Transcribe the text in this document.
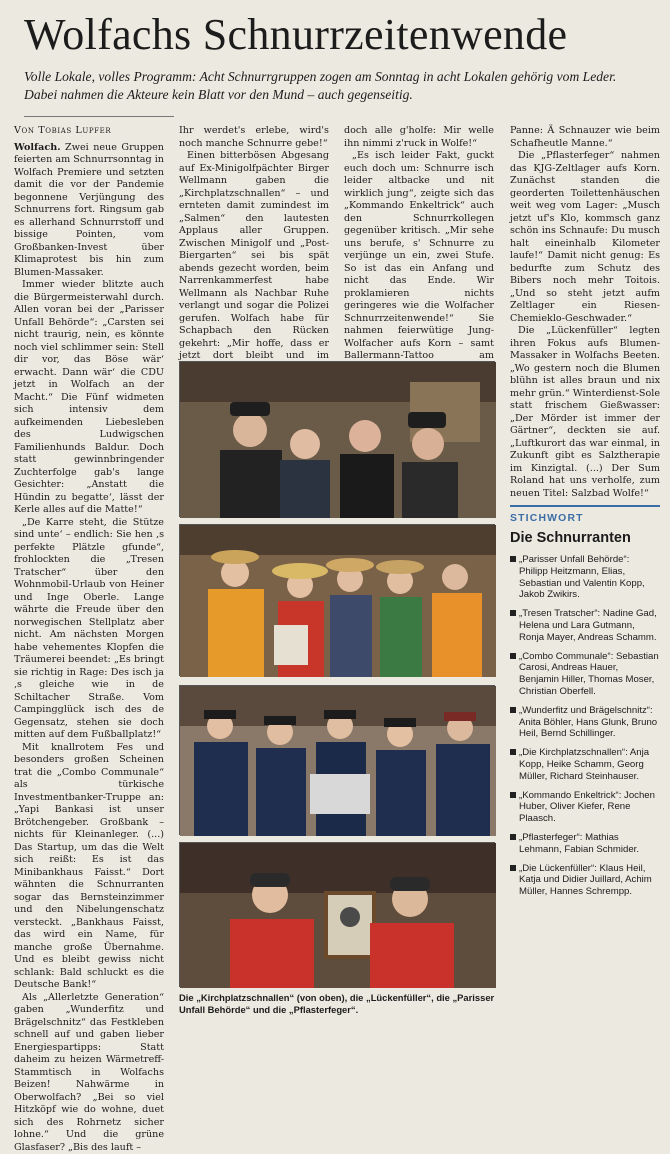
Wolfachs Schnurrzeitenwende

Volle Lokale, volles Programm: Acht Schnurrgruppen zogen am Sonntag in acht Lokalen gehörig vom Leder. Dabei nahmen die Akteure kein Blatt vor den Mund – auch gegenseitig.

Von Tobias Lupfer

Wolfach. Zwei neue Gruppen feierten am Schnurrsonntag in Wolfach Premiere und setzten damit die vor der Pandemie begonnene Verjüngung des Schnurrens fort. Ringsum gab es allerhand Schnurrstoff und bissige Pointen, vom Großbanken-Invest über Klimaprotest bis hin zum Blumen-Massaker.

Immer wieder blitzte auch die Bürgermeisterwahl durch. Allen voran bei der „Parisser Unfall Behörde“: „Carsten sei nicht traurig, nein, es könnte noch viel schlimmer sein: Stell dir vor, das Böse wär‘ erwacht. Dann wär‘ die CDU jetzt in Wolfach an der Macht.“ Die Fünf widmeten sich intensiv dem aufkeimenden Liebesleben des Ludwigschen Familienhunds Baldur. Doch statt gewinnbringender Zuchterfolge gab's lange Gesichter: „Anstatt die Hündin zu begatte‘, lässt der Kerle alles auf die Matte!“

„De Karre steht, die Stütze sind unte‘ – endlich: Sie hen ‚s perfekte Plätzle gfunde“, frohlockten die „Tresen Tratscher“ über den Wohnmobil-Urlaub von Heiner und Inge Oberle. Lange währte die Freude über den norwegischen Stellplatz aber nicht. Am nächsten Morgen habe vehementes Klopfen die Träumerei beendet: „Es bringt sie richtig in Rage: Des isch ja ‚s gleiche wie in de Schiltacher Straße. Vom Campingglück isch des de Gegensatz, stehen sie doch mitten auf dem Fußballplatz!“

Mit knallrotem Fes und besonders großen Scheinen trat die „Combo Communale“ als türkische Investmentbanker-Truppe an: „Yapi Bankasi ist unser Brötchengeber. Großbank – nichts für Kleinanleger. (...) Das Startup, um das die Welt sich reißt: Es ist das Minibankhaus Faisst.“ Dort wähnten die Schnurranten sogar das Bernsteinzimmer und den Nibelungenschatz versteckt. „Bankhaus Faisst, das wird ein Name, für manche große Übernahme. Und es bleibt gewiss nicht schlank: Bald schluckt es die Deutsche Bank!“

Als „Allerletzte Generation“ gaben „Wunderfitz und Brägelschnitz“ das Festkleben schnell auf und gaben lieber Energiespartipps: Statt daheim zu heizen Wärmetreff-Stammtisch in Wolfachs Beizen! Nahwärme in Oberwolfach? „Bei so viel Hitzköpf wie do wohne, duet sich des Rohrnetz sicher lohne.“ Und die grüne Glasfaser? „Bis des lauft –

Ihr werdet's erlebe, wird's noch manche Schnurre gebe!“

Einen bitterbösen Abgesang auf Ex-Minigolfpächter Birger Wellmann gaben die „Kirchplatzschnallen“ – und ernteten damit zumindest im „Salmen“ den lautesten Applaus aller Gruppen. Zwischen Minigolf und „Post-Biergarten“ sei bis spät abends gezecht worden, beim Narrenkammerfest habe Wellmann als Nachbar Ruhe verlangt und sogar die Polizei gerufen. Wolfach habe für Schapbach den Rücken gekehrt: „Mir hoffe, dass er jetzt dort bleibt und im

doch alle g'holfe: Mir welle ihn nimmi z'ruck in Wolfe!“

„Es isch leider Fakt, guckt euch doch um: Schnurre isch leider altbacke und nit wirklich jung“, zeigte sich das „Kommando Enkeltrick“ auch den Schnurrkollegen gegenüber kritisch. „Mir sehe uns berufe, s' Schnurre zu verjünge un ein, zwei Stufe. So ist das ein Anfang und nicht das Ende. Wir proklamieren nichts geringeres wie die Wolfacher Schnurrzeitenwende!“ Sie nahmen feierwütige Jung-Wolfacher aufs Korn – samt Ballermann-Tattoo am

Panne: Ä Schnauzer wie beim Schafheutle Manne.“

Die „Pflasterfeger“ nahmen das KJG-Zeltlager aufs Korn. Zunächst standen die georderten Toilettenhäuschen weit weg vom Lager: „Musch jetzt uf's Klo, kommsch ganz schön ins Schnaufe: Du musch halt eineinhalb Kilometer laufe!“ Damit nicht genug: Es bedurfte zum Schutz des Bibers noch mehr Toitois. „Und so steht jetzt aufm Zeltlager ein Riesen-Chemieklo-Geschwader.“

Die „Lückenfüller“ legten ihren Fokus aufs Blumen-Massaker in Wolfachs Beeten. „Wo gestern noch die Blumen blühn ist alles braun und nix mehr grün.“ Winterdienst-Sole statt frischem Gießwasser: „Der Mörder ist immer der Gärtner“, deckten sie auf. „Luftkurort das war einmal, in Zukunft gibt es Salztherapie im Kinzigtal. (...) Der Sum Roland hat uns verholfe, zum neuen Titel: Salzbad Wolfe!“

Die „Kirchplatzschnallen“ (von oben), die „Lückenfüller“, die „Parisser Unfall Behörde“ und die „Pflasterfeger“.
STICHWORT
Die Schnurranten
„Parisser Unfall Behörde“: Philipp Heitzmann, Elias, Sebastian und Valentin Kopp, Jakob Zwikirs.
„Tresen Tratscher“: Nadine Gad, Helena und Lara Gutmann, Ronja Mayer, Andreas Schamm.
„Combo Communale“: Sebastian Carosi, Andreas Hauer, Benjamin Hiller, Thomas Moser, Christian Oberfell.
„Wunderfitz und Brägelschnitz“: Anita Böhler, Hans Glunk, Bruno Heil, Bernd Schillinger.
„Die Kirchplatzschnallen“: Anja Kopp, Heike Schamm, Georg Müller, Richard Steinhauser.
„Kommando Enkeltrick“: Jochen Huber, Oliver Kiefer, Rene Plaasch.
„Pflasterfeger“: Mathias Lehmann, Fabian Schmider.
„Die Lückenfüller“: Klaus Heil, Katja und Didier Juillard, Achim Müller, Hannes Schrempp.
